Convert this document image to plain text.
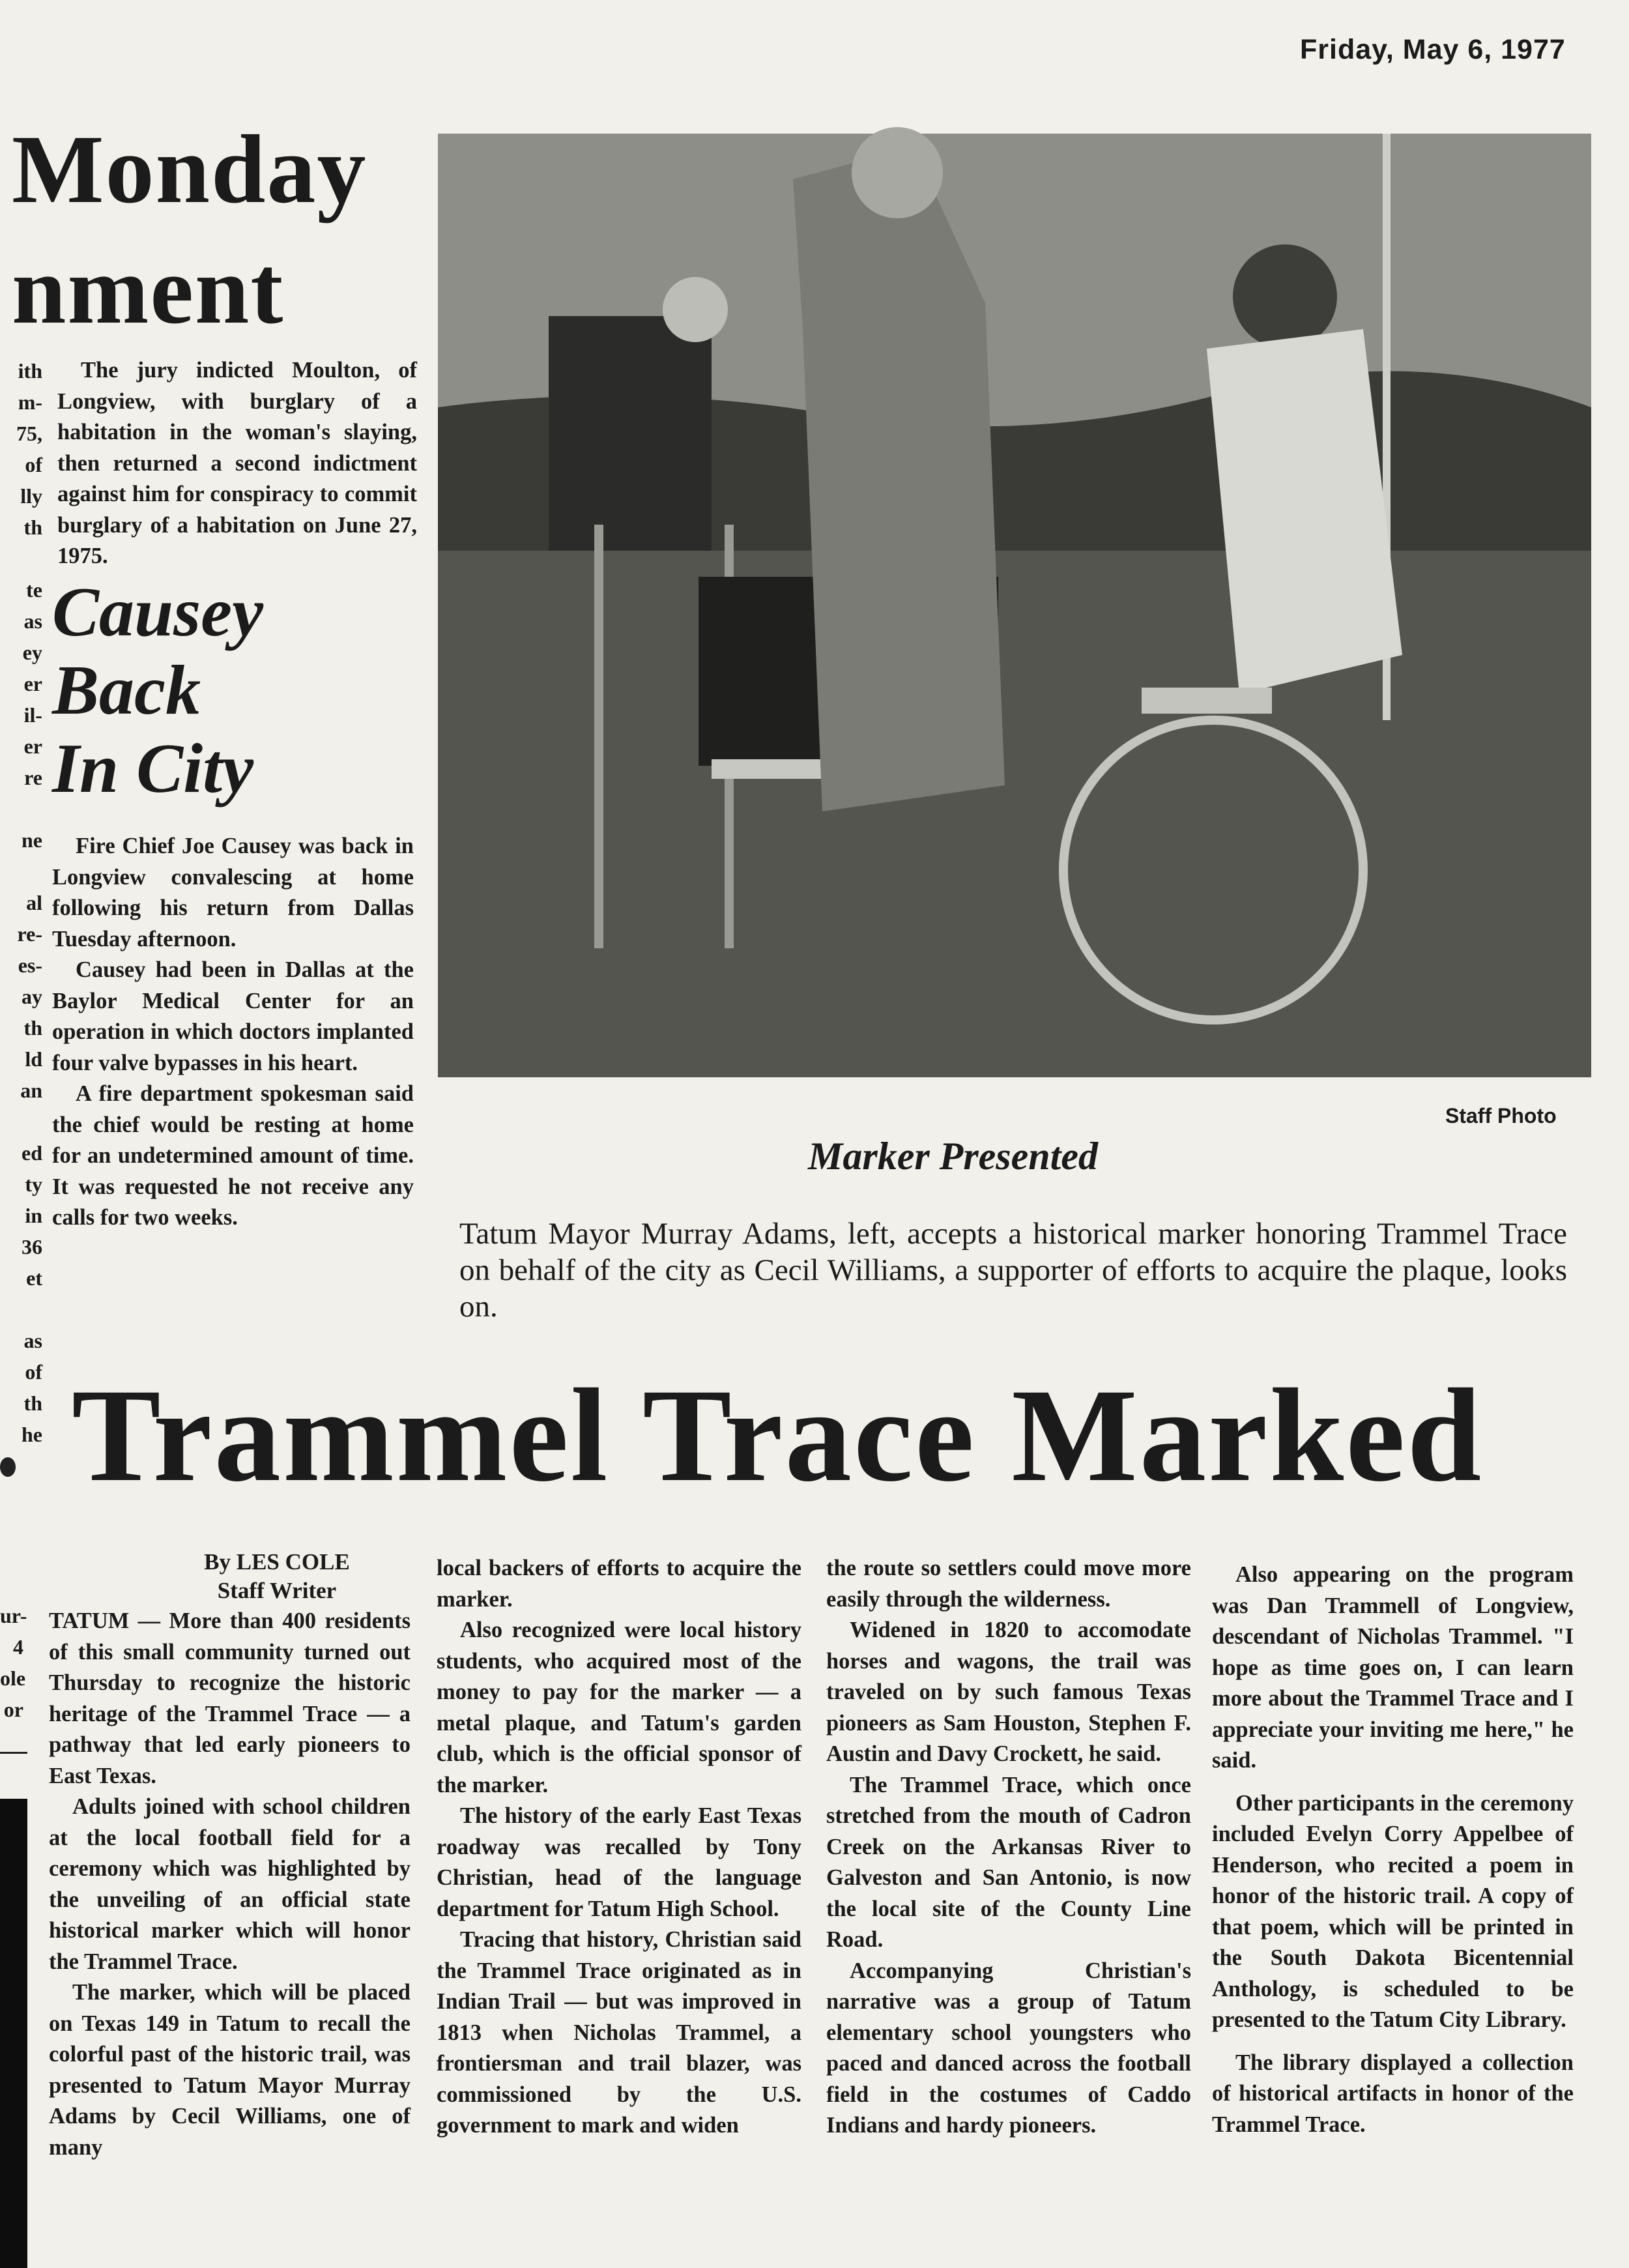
Friday, May 6, 1977
Monday
nment
ith
m-
75,
of
lly
th

te
as
ey
er
il-
er
re

ne

al
re-
es-
ay
th
ld
an

ed
ty
in
36
et

as
of
th
he

The jury indicted Moulton, of Longview, with burglary of a habitation in the woman's slaying, then returned a second indictment against him for conspiracy to commit burglary of a habitation on June 27, 1975.

Causey
Back
In City

Fire Chief Joe Causey was back in Longview convalescing at home following his return from Dallas Tuesday afternoon.

Causey had been in Dallas at the Baylor Medical Center for an operation in which doctors implanted four valve bypasses in his heart.

A fire department spokesman said the chief would be resting at home for an undetermined amount of time. It was requested he not receive any calls for two weeks.

Staff Photo
Marker Presented
Tatum Mayor Murray Adams, left, accepts a historical marker honoring Trammel Trace on behalf of the city as Cecil Williams, a supporter of efforts to acquire the plaque, looks on.
Trammel Trace Marked
By LES COLE
Staff Writer
ur-
4
ole
or

TATUM — More than 400 residents of this small community turned out Thursday to recognize the historic heritage of the Trammel Trace — a pathway that led early pioneers to East Texas.

Adults joined with school children at the local football field for a ceremony which was highlighted by the unveiling of an official state historical marker which will honor the Trammel Trace.

The marker, which will be placed on Texas 149 in Tatum to recall the colorful past of the historic trail, was presented to Tatum Mayor Murray Adams by Cecil Williams, one of many

local backers of efforts to acquire the marker.

Also recognized were local history students, who acquired most of the money to pay for the marker — a metal plaque, and Tatum's garden club, which is the official sponsor of the marker.

The history of the early East Texas roadway was recalled by Tony Christian, head of the language department for Tatum High School.

Tracing that history, Christian said the Trammel Trace originated as in Indian Trail — but was improved in 1813 when Nicholas Trammel, a frontiersman and trail blazer, was commissioned by the U.S. government to mark and widen

the route so settlers could move more easily through the wilderness.

Widened in 1820 to accomodate horses and wagons, the trail was traveled on by such famous Texas pioneers as Sam Houston, Stephen F. Austin and Davy Crockett, he said.

The Trammel Trace, which once stretched from the mouth of Cadron Creek on the Arkansas River to Galveston and San Antonio, is now the local site of the County Line Road.

Accompanying Christian's narrative was a group of Tatum elementary school youngsters who paced and danced across the football field in the costumes of Caddo Indians and hardy pioneers.

Also appearing on the program was Dan Trammell of Longview, descendant of Nicholas Trammel. "I hope as time goes on, I can learn more about the Trammel Trace and I appreciate your inviting me here," he said.

Other participants in the ceremony included Evelyn Corry Appelbee of Henderson, who recited a poem in honor of the historic trail. A copy of that poem, which will be printed in the South Dakota Bicentennial Anthology, is scheduled to be presented to the Tatum City Library.

The library displayed a collection of historical artifacts in honor of the Trammel Trace.
